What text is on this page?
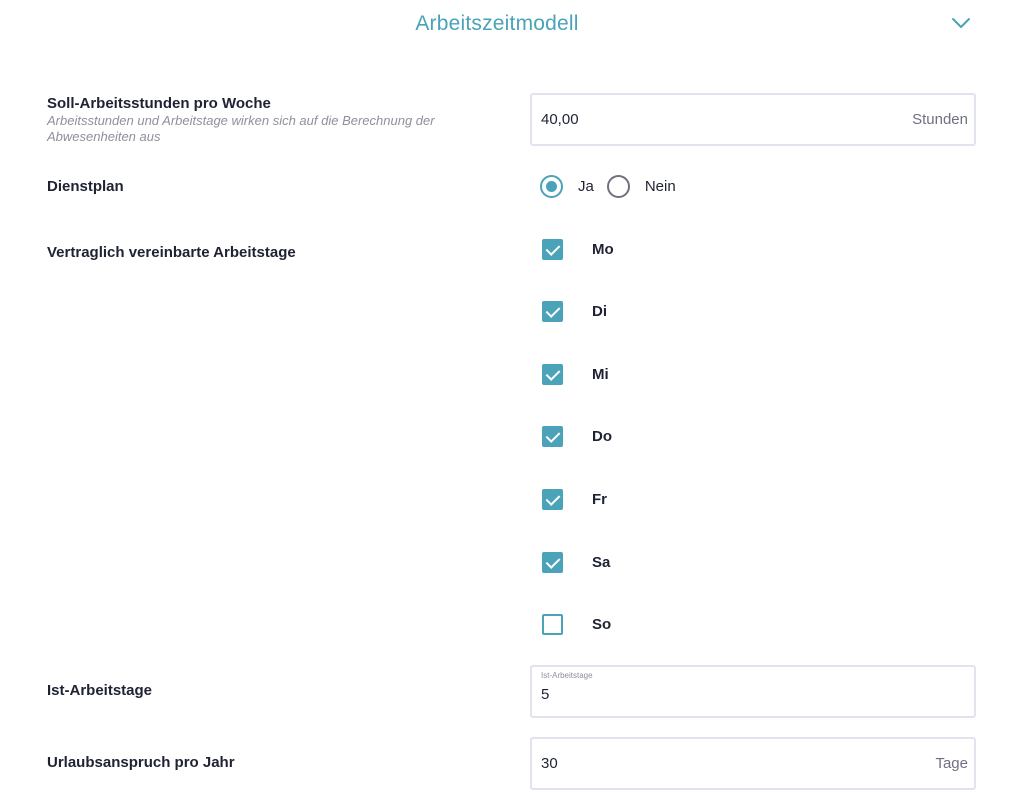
Arbeitszeitmodell
Soll-Arbeitsstunden pro Woche
Arbeitsstunden und Arbeitstage wirken sich auf die Berechnung der Abwesenheiten aus
40,00
Stunden
Dienstplan	Ja	Nein
Vertraglich vereinbarte Arbeitstage	Mo
Di
Mi
Do
Fr
Sa
So
Ist-Arbeitstage
Ist-Arbeitstage
5
Urlaubsanspruch pro Jahr
30	Tage
